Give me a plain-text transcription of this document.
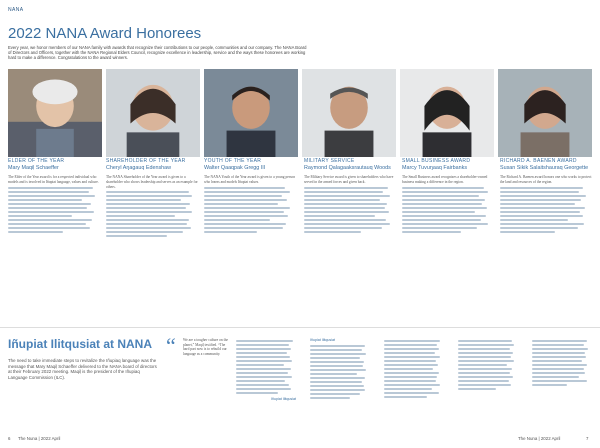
NANA
2022 NANA Award Honorees
Every year, we honor members of our NANA family with awards that recognize their contributions to our people, communities and our company. The NANA Board of Directors and Officers, together with the NANA Regional Elders Council, recognize excellence in leadership, service and the ways these honorees are working hard to make a difference. Congratulations to the award winners.
ELDER OF THE YEAR
Mary Maqiḷ Schaeffer
The Elder of the Year award is for a respected individual who models and is involved in Iñupiat language, values and culture.
SHAREHOLDER OF THE YEAR
Cheryl Aŋagauq Edenshaw
The NANA Shareholder of the Year award is given to a shareholder who shows leadership and serves as an example for others.
YOUTH OF THE YEAR
Walter Qaaqpak Gregg III
The NANA Youth of the Year award is given to a young person who learns and models Iñupiat values.
MILITARY SERVICE
Raymond Qalagaaksrautauq Woods
The Military Service award is given to shareholders who have served in the armed forces and given back.
SMALL BUSINESS AWARD
Marcy Tuvuŋaaq Fairbanks
The Small Business award recognizes a shareholder-owned business making a difference in the region.
RICHARD A. BAENEN AWARD
Susan Sikik Salaitshauraq Georgette
The Richard A. Baenen award honors one who works to protect the land and resources of the region.
Iñupiat Ilitqusiat at NANA
The need to take immediate steps to revitalize the Iñupiaq language was the message that Mary Maqiḷ Schaeffer delivered to the NANA board of directors at their February 2022 meeting. Maqiḷ is the president of the Iñupiaq Language Commission (ILC).
“ We are a tougher culture on the planet,” Maqiḷ testified. “The hard part now is to rebuild our language as a community.
Iñupiat Ilitqusiat
Iñupiat Ilitqusiat
6 The Nuna | 2022 April	The Nuna | 2022 April	7
